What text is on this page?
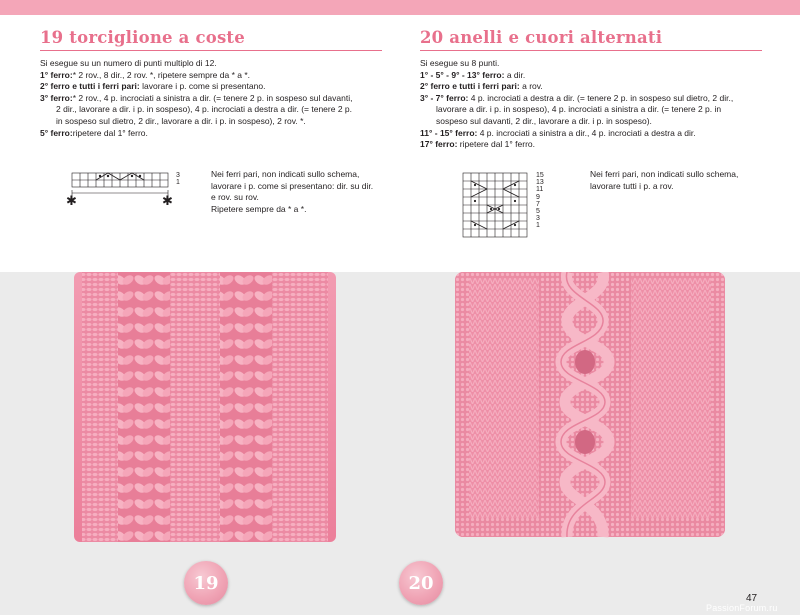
19 torciglione a coste
Si esegue su un numero di punti multiplo di 12.
1° ferro:* 2 rov., 8 dir., 2 rov. *, ripetere sempre da * a *.
2° ferro e tutti i ferri pari: lavorare i p. come si presentano.
3° ferro:* 2 rov., 4 p. incrociati a sinistra a dir. (= tenere 2 p. in sospeso sul davanti,
2 dir., lavorare a dir. i p. in sospeso), 4 p. incrociati a destra a dir. (= tenere 2 p.
in sospeso sul dietro, 2 dir., lavorare a dir. i p. in sospeso), 2 rov. *.
5° ferro:ripetere dal 1° ferro.
3
1
✱	✱
Nei ferri pari, non indicati sullo schema,
lavorare i p. come si presentano: dir. su dir.
e rov. su rov.
Ripetere sempre da * a *.
20 anelli e cuori alternati
Si esegue su 8 punti.
1° - 5° - 9° - 13° ferro: a dir.
2° ferro e tutti i ferri pari: a rov.
3° - 7° ferro: 4 p. incrociati a destra a dir. (= tenere 2 p. in sospeso sul dietro, 2 dir.,
lavorare a dir. i p. in sospeso), 4 p. incrociati a sinistra a dir. (= tenere 2 p. in
sospeso sul davanti, 2 dir., lavorare a dir. i p. in sospeso).
11° - 15° ferro: 4 p. incrociati a sinistra a dir., 4 p. incrociati a destra a dir.
17° ferro: ripetere dal 1° ferro.
15
13
11
9
7
5
3
1
Nei ferri pari, non indicati sullo schema,
lavorare tutti i p. a rov.
19	20
47
PassionForum.ru
